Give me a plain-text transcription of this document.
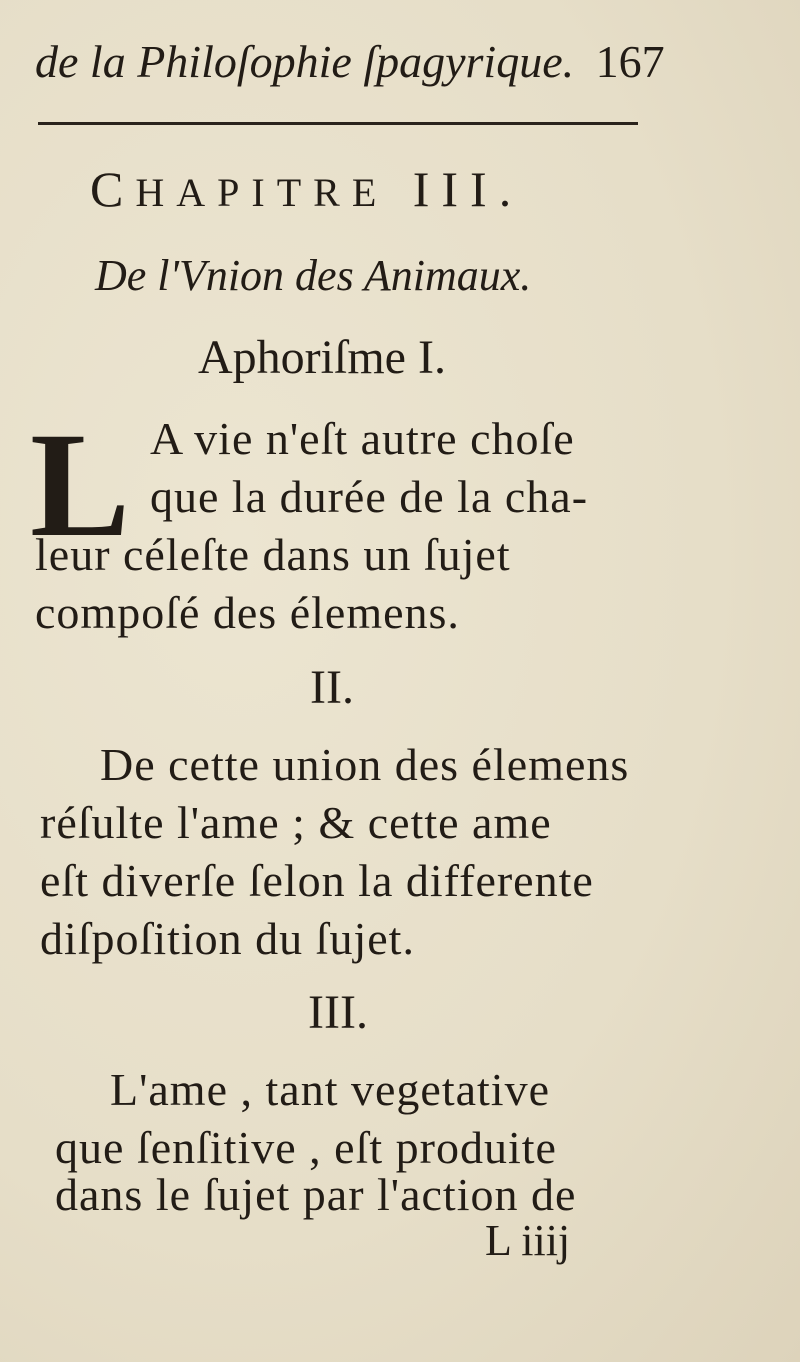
de la Philoſophie ſpagyrique. 167
CHAPITRE III.
De l'Vnion des Animaux.
Aphoriſme I.
L A vie n'eſt autre choſe
que la durée de la cha-
leur céleſte dans un ſujet
compoſé des élemens.
II.
De cette union des élemens
réſulte l'ame ; & cette ame
eſt diverſe ſelon la differente
diſpoſition du ſujet.
III.
L'ame , tant vegetative
que ſenſitive , eſt produite
dans le ſujet par l'action de
L iiij
